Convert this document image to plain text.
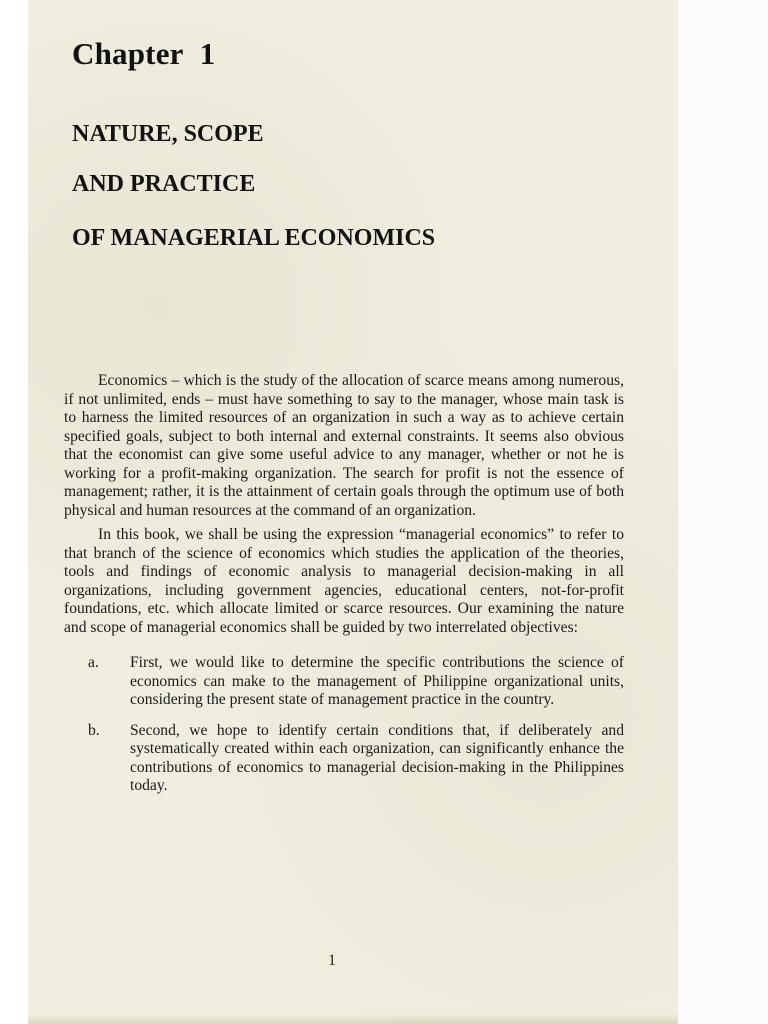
Chapter 1
NATURE, SCOPE
AND PRACTICE
OF MANAGERIAL ECONOMICS

Economics – which is the study of the allocation of scarce means among numerous, if not unlimited, ends – must have something to say to the manager, whose main task is to harness the limited resources of an organization in such a way as to achieve certain specified goals, subject to both internal and external constraints. It seems also obvious that the economist can give some useful advice to any manager, whether or not he is working for a profit-making organization. The search for profit is not the essence of management; rather, it is the attainment of certain goals through the optimum use of both physical and human resources at the command of an organization.

In this book, we shall be using the expression “managerial economics” to refer to that branch of the science of economics which studies the application of the theories, tools and findings of economic analysis to managerial decision-making in all organizations, including government agencies, educational centers, not-for-profit foundations, etc. which allocate limited or scarce resources. Our examining the nature and scope of managerial economics shall be guided by two interrelated objectives:

a. First, we would like to determine the specific contributions the science of economics can make to the management of Philippine organizational units, considering the present state of management practice in the country.
b. Second, we hope to identify certain conditions that, if deliberately and systematically created within each organization, can significantly enhance the contributions of economics to managerial decision-making in the Philippines today.
1
